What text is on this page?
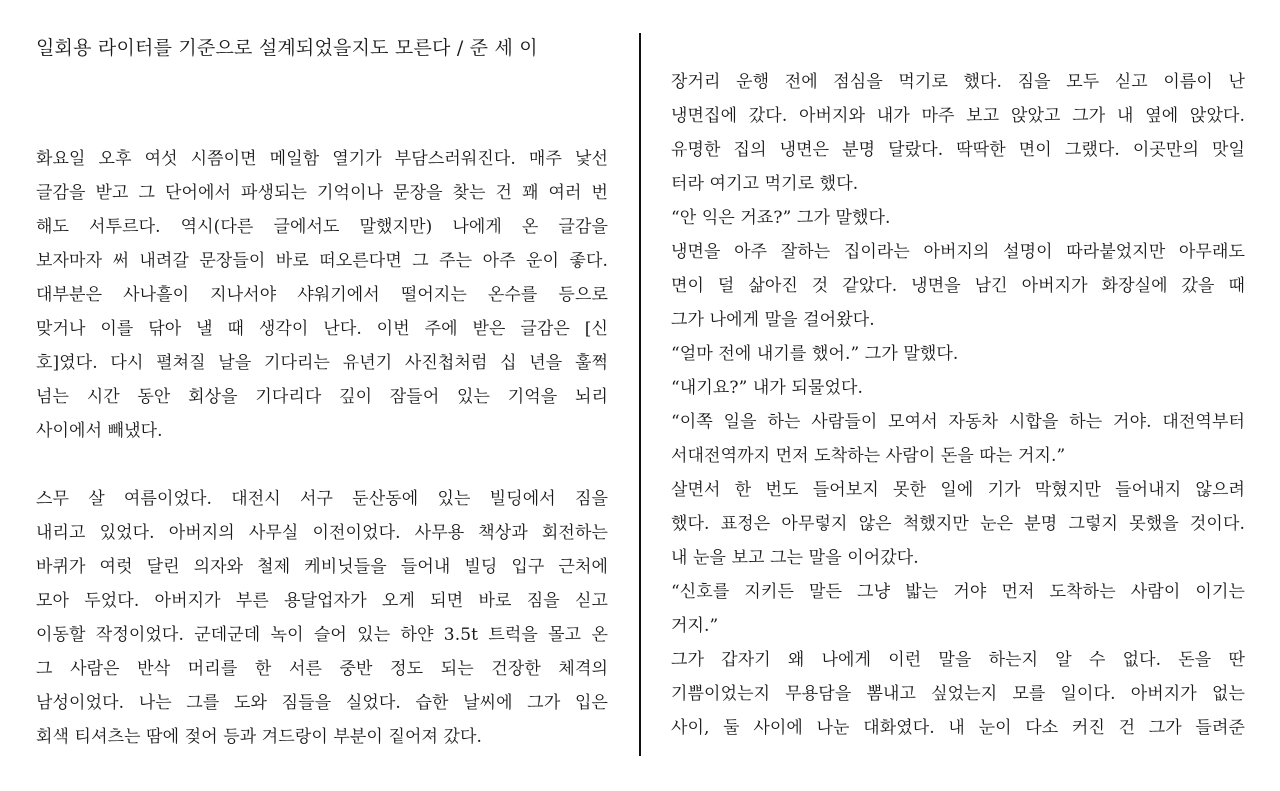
일회용 라이터를 기준으로 설계되었을지도 모른다 / 준 세 이
화요일 오후 여섯 시쯤이면 메일함 열기가 부담스러워진다. 매주 낯선
글감을 받고 그 단어에서 파생되는 기억이나 문장을 찾는 건 꽤 여러 번
해도 서투르다. 역시(다른 글에서도 말했지만) 나에게 온 글감을
보자마자 써 내려갈 문장들이 바로 떠오른다면 그 주는 아주 운이 좋다.
대부분은 사나흘이 지나서야 샤워기에서 떨어지는 온수를 등으로
맞거나 이를 닦아 낼 때 생각이 난다. 이번 주에 받은 글감은 [신
호]였다. 다시 펼쳐질 날을 기다리는 유년기 사진첩처럼 십 년을 훌쩍
넘는 시간 동안 회상을 기다리다 깊이 잠들어 있는 기억을 뇌리
사이에서 빼냈다.
스무 살 여름이었다. 대전시 서구 둔산동에 있는 빌딩에서 짐을
내리고 있었다. 아버지의 사무실 이전이었다. 사무용 책상과 회전하는
바퀴가 여럿 달린 의자와 철제 케비닛들을 들어내 빌딩 입구 근처에
모아 두었다. 아버지가 부른 용달업자가 오게 되면 바로 짐을 싣고
이동할 작정이었다. 군데군데 녹이 슬어 있는 하얀 3.5t 트럭을 몰고 온
그 사람은 반삭 머리를 한 서른 중반 정도 되는 건장한 체격의
남성이었다. 나는 그를 도와 짐들을 실었다. 습한 날씨에 그가 입은
회색 티셔츠는 땀에 젖어 등과 겨드랑이 부분이 짙어져 갔다.
장거리 운행 전에 점심을 먹기로 했다. 짐을 모두 싣고 이름이 난
냉면집에 갔다. 아버지와 내가 마주 보고 앉았고 그가 내 옆에 앉았다.
유명한 집의 냉면은 분명 달랐다. 딱딱한 면이 그랬다. 이곳만의 맛일
터라 여기고 먹기로 했다.
“안 익은 거죠?” 그가 말했다.
냉면을 아주 잘하는 집이라는 아버지의 설명이 따라붙었지만 아무래도
면이 덜 삶아진 것 같았다. 냉면을 남긴 아버지가 화장실에 갔을 때
그가 나에게 말을 걸어왔다.
“얼마 전에 내기를 했어.” 그가 말했다.
“내기요?” 내가 되물었다.
“이쪽 일을 하는 사람들이 모여서 자동차 시합을 하는 거야. 대전역부터
서대전역까지 먼저 도착하는 사람이 돈을 따는 거지.”
살면서 한 번도 들어보지 못한 일에 기가 막혔지만 들어내지 않으려
했다. 표정은 아무렇지 않은 척했지만 눈은 분명 그렇지 못했을 것이다.
내 눈을 보고 그는 말을 이어갔다.
“신호를 지키든 말든 그냥 밟는 거야 먼저 도착하는 사람이 이기는
거지.”
그가 갑자기 왜 나에게 이런 말을 하는지 알 수 없다. 돈을 딴
기쁨이었는지 무용담을 뽐내고 싶었는지 모를 일이다. 아버지가 없는
사이, 둘 사이에 나눈 대화였다. 내 눈이 다소 커진 건 그가 들려준
